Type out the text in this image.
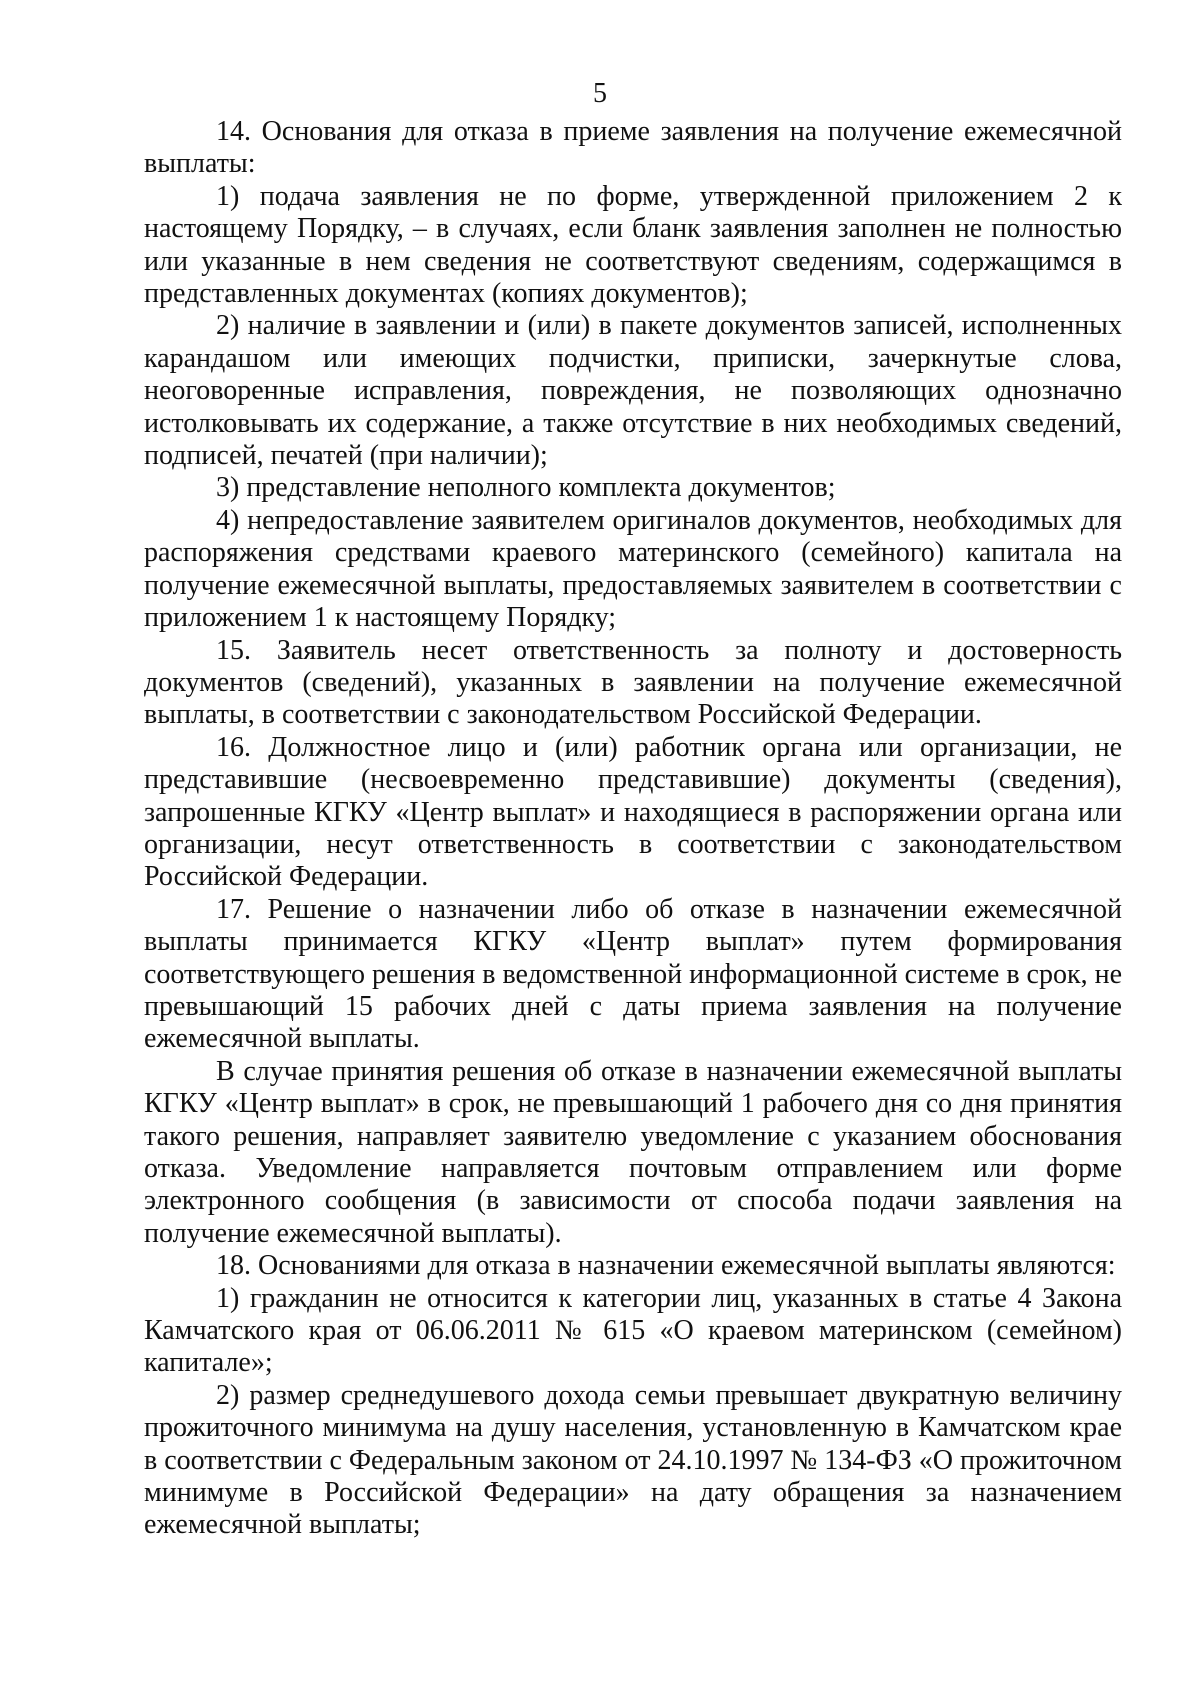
5

14. Основания для отказа в приеме заявления на получение ежемесячной выплаты:

1) подача заявления не по форме, утвержденной приложением 2 к настоящему Порядку, – в случаях, если бланк заявления заполнен не полностью или указанные в нем сведения не соответствуют сведениям, содержащимся в представленных документах (копиях документов);

2) наличие в заявлении и (или) в пакете документов записей, исполненных карандашом или имеющих подчистки, приписки, зачеркнутые слова, неоговоренные исправления, повреждения, не позволяющих однозначно истолковывать их содержание, а также отсутствие в них необходимых сведений, подписей, печатей (при наличии);

3) представление неполного комплекта документов;

4) непредоставление заявителем оригиналов документов, необходимых для распоряжения средствами краевого материнского (семейного) капитала на получение ежемесячной выплаты, предоставляемых заявителем в соответствии с приложением 1 к настоящему Порядку;

15. Заявитель несет ответственность за полноту и достоверность документов (сведений), указанных в заявлении на получение ежемесячной выплаты, в соответствии с законодательством Российской Федерации.

16. Должностное лицо и (или) работник органа или организации, не представившие (несвоевременно представившие) документы (сведения), запрошенные КГКУ «Центр выплат» и находящиеся в распоряжении органа или организации, несут ответственность в соответствии с законодательством Российской Федерации.

17. Решение о назначении либо об отказе в назначении ежемесячной выплаты принимается КГКУ «Центр выплат» путем формирования соответствующего решения в ведомственной информационной системе в срок, не превышающий 15 рабочих дней с даты приема заявления на получение ежемесячной выплаты.

В случае принятия решения об отказе в назначении ежемесячной выплаты КГКУ «Центр выплат» в срок, не превышающий 1 рабочего дня со дня принятия такого решения, направляет заявителю уведомление с указанием обоснования отказа. Уведомление направляется почтовым отправлением или форме электронного сообщения (в зависимости от способа подачи заявления на получение ежемесячной выплаты).

18. Основаниями для отказа в назначении ежемесячной выплаты являются:

1) гражданин не относится к категории лиц, указанных в статье 4 Закона Камчатского края от 06.06.2011 № 615 «О краевом материнском (семейном) капитале»;

2) размер среднедушевого дохода семьи превышает двукратную величину прожиточного минимума на душу населения, установленную в Камчатском крае в соответствии с Федеральным законом от 24.10.1997 № 134-ФЗ «О прожиточном минимуме в Российской Федерации» на дату обращения за назначением ежемесячной выплаты;
